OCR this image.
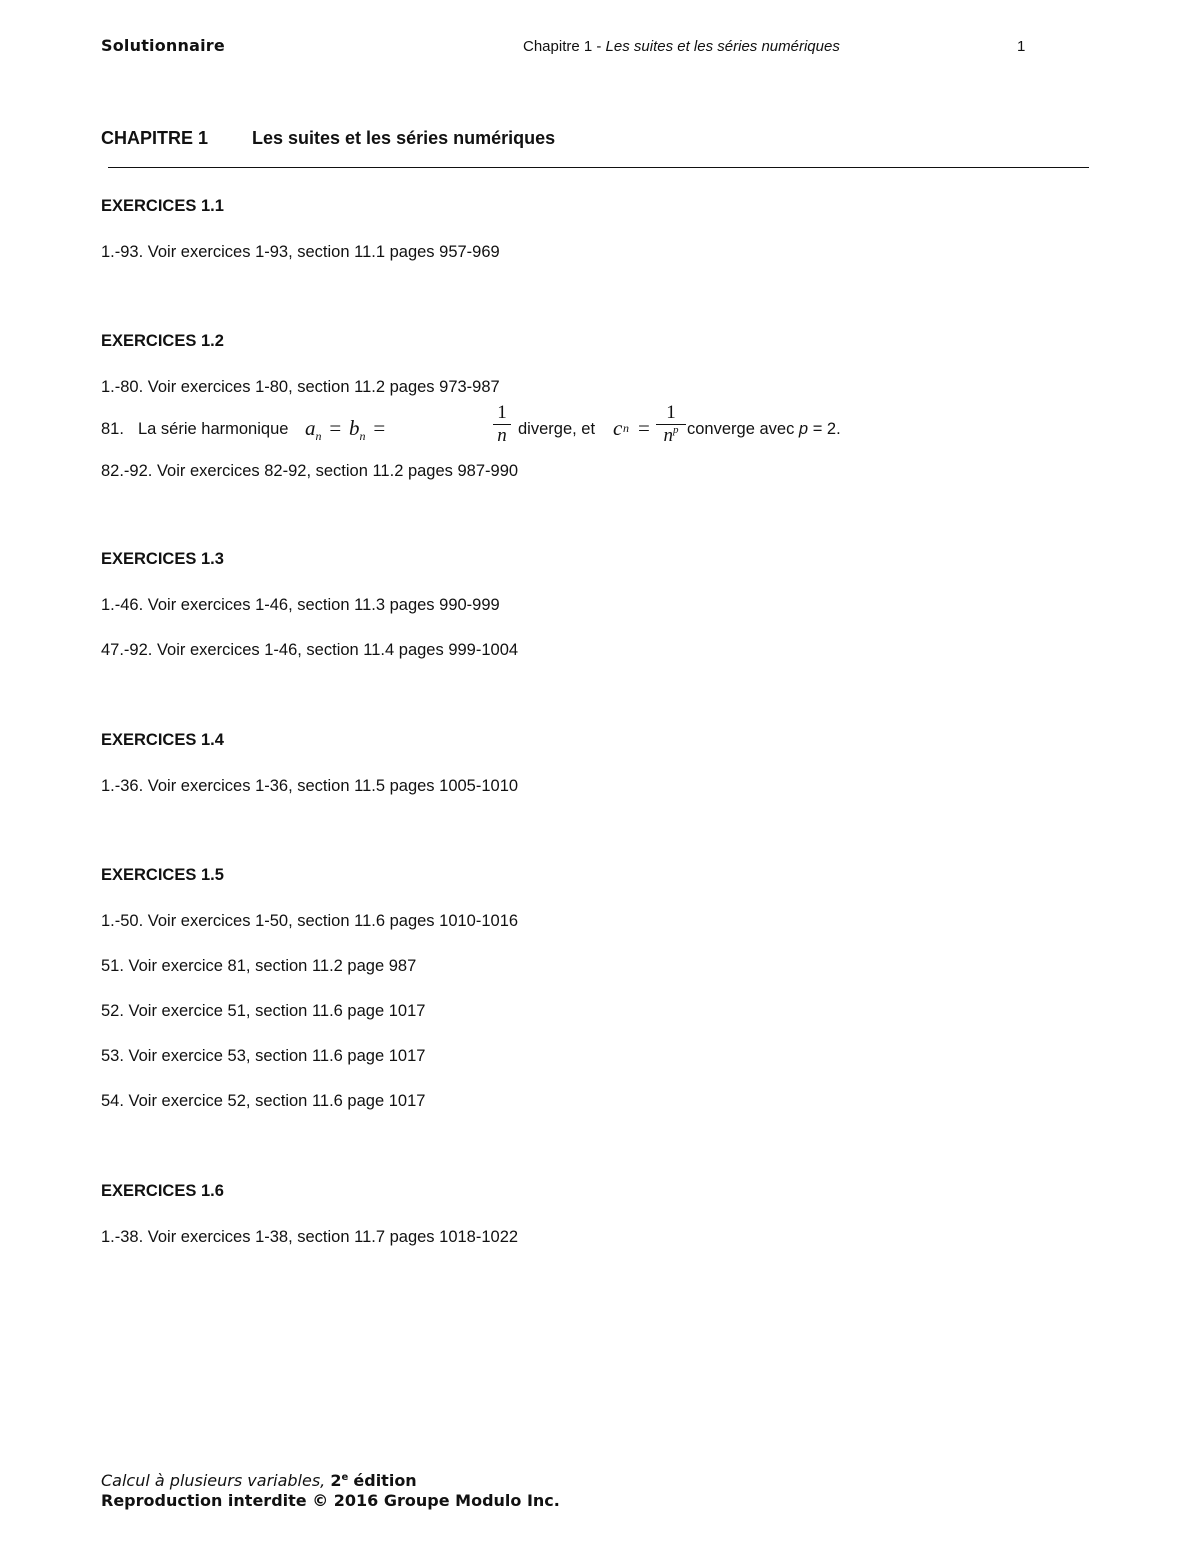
Solutionnaire	Chapitre 1 - Les suites et les séries numériques	1
CHAPITRE 1 Les suites et les séries numériques
EXERCICES 1.1
1.-93. Voir exercices 1-93, section 11.1 pages 957-969
EXERCICES 1.2
1.-80. Voir exercices 1-80, section 11.2 pages 973-987
81. La série harmonique $a_n = b_n$ =
1
n diverge, et c n =
1
$n^p$ converge avec p = 2.
82.-92. Voir exercices 82-92, section 11.2 pages 987-990
EXERCICES 1.3
1.-46. Voir exercices 1-46, section 11.3 pages 990-999
47.-92. Voir exercices 1-46, section 11.4 pages 999-1004
EXERCICES 1.4
1.-36. Voir exercices 1-36, section 11.5 pages 1005-1010
EXERCICES 1.5
1.-50. Voir exercices 1-50, section 11.6 pages 1010-1016
51. Voir exercice 81, section 11.2 page 987
52. Voir exercice 51, section 11.6 page 1017
53. Voir exercice 53, section 11.6 page 1017
54. Voir exercice 52, section 11.6 page 1017
EXERCICES 1.6
1.-38. Voir exercices 1-38, section 11.7 pages 1018-1022
Calcul à plusieurs variables, 2e édition
Reproduction interdite © 2016 Groupe Modulo Inc.
